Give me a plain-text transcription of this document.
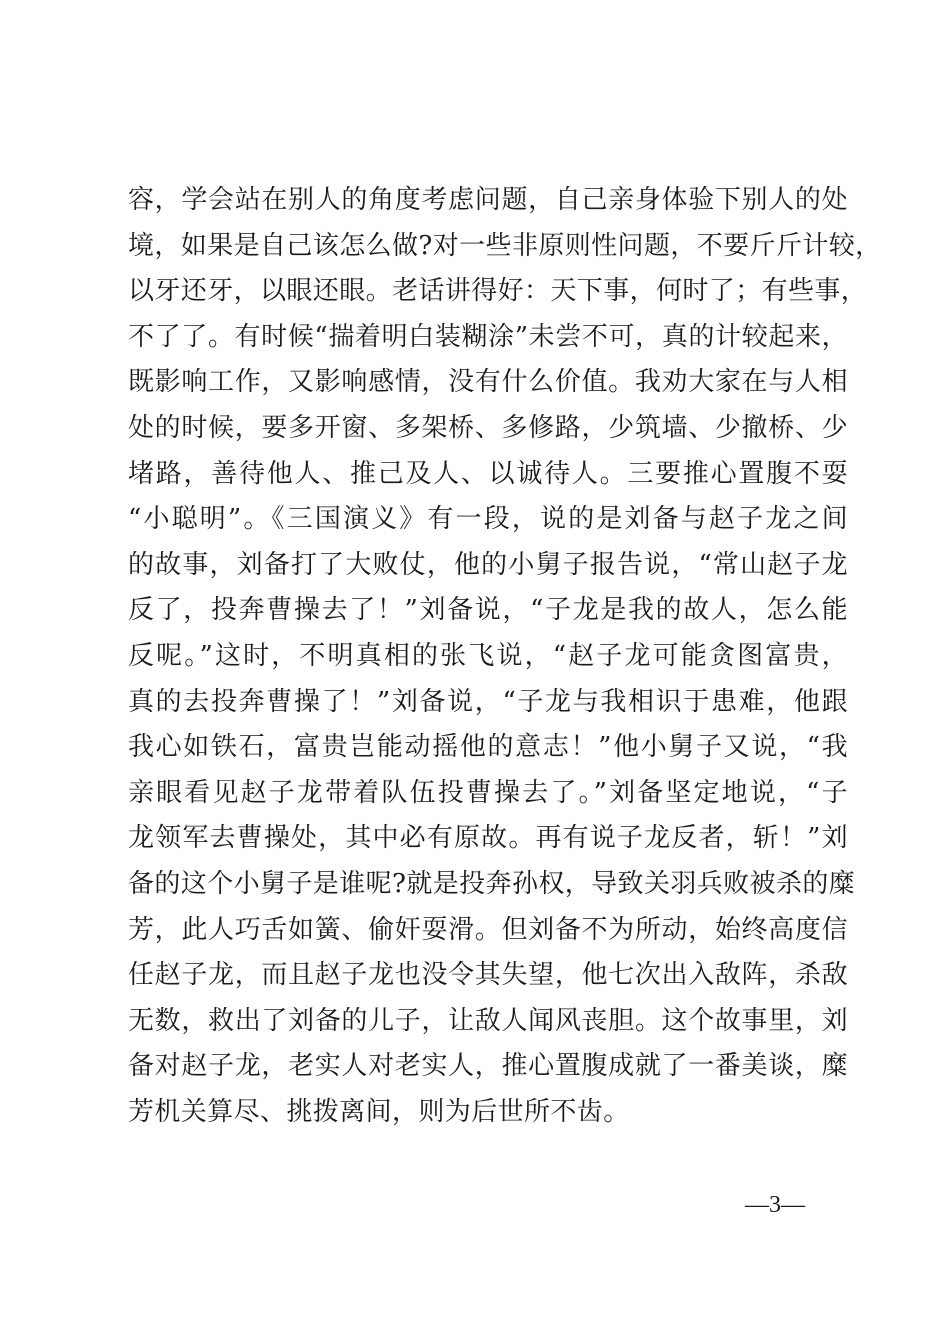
容，学会站在别人的角度考虑问题，自己亲身体验下别人的处
境，如果是自己该怎么做?对一些非原则性问题，不要斤斤计较，
以牙还牙，以眼还眼。老话讲得好：天下事，何时了；有些事，
不了了。有时候“揣着明白装糊涂”未尝不可，真的计较起来，
既影响工作，又影响感情，没有什么价值。我劝大家在与人相
处的时候，要多开窗、多架桥、多修路，少筑墙、少撤桥、少
堵路，善待他人、推己及人、以诚待人。三要推心置腹不耍
“小聪明”。《三国演义》有一段，说的是刘备与赵子龙之间
的故事，刘备打了大败仗，他的小舅子报告说，“常山赵子龙
反了，投奔曹操去了！”刘备说，“子龙是我的故人，怎么能
反呢。”这时，不明真相的张飞说，“赵子龙可能贪图富贵，
真的去投奔曹操了！”刘备说，“子龙与我相识于患难，他跟
我心如铁石，富贵岂能动摇他的意志！”他小舅子又说，“我
亲眼看见赵子龙带着队伍投曹操去了。”刘备坚定地说，“子
龙领军去曹操处，其中必有原故。再有说子龙反者，斩！”刘
备的这个小舅子是谁呢?就是投奔孙权，导致关羽兵败被杀的糜
芳，此人巧舌如簧、偷奸耍滑。但刘备不为所动，始终高度信
任赵子龙，而且赵子龙也没令其失望，他七次出入敌阵，杀敌
无数，救出了刘备的儿子，让敌人闻风丧胆。这个故事里，刘
备对赵子龙，老实人对老实人，推心置腹成就了一番美谈，糜
芳机关算尽、挑拨离间，则为后世所不齿。
—3—
